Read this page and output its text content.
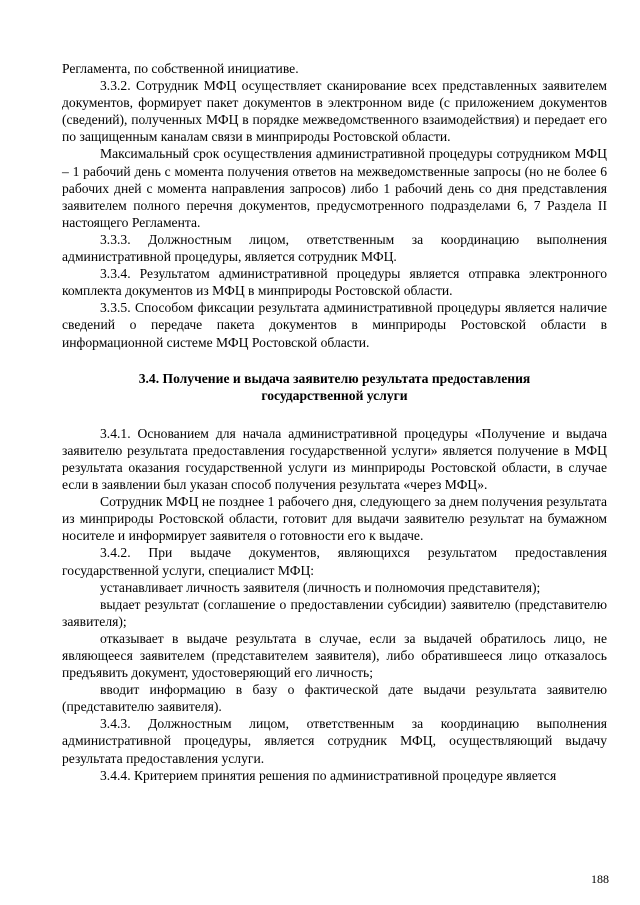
Регламента, по собственной инициативе.

3.3.2. Сотрудник МФЦ осуществляет сканирование всех представленных заявителем документов, формирует пакет документов в электронном виде (с приложением документов (сведений), полученных МФЦ в порядке межведомственного взаимодействия) и передает его по защищенным каналам связи в минприроды Ростовской области.

Максимальный срок осуществления административной процедуры сотрудником МФЦ – 1 рабочий день с момента получения ответов на межведомственные запросы (но не более 6 рабочих дней с момента направления запросов) либо 1 рабочий день со дня представления заявителем полного перечня документов, предусмотренного подразделами 6, 7 Раздела II настоящего Регламента.

3.3.3. Должностным лицом, ответственным за координацию выполнения административной процедуры, является сотрудник МФЦ.

3.3.4. Результатом административной процедуры является отправка электронного комплекта документов из МФЦ в минприроды Ростовской области.

3.3.5. Способом фиксации результата административной процедуры является наличие сведений о передаче пакета документов в минприроды Ростовской области в информационной системе МФЦ Ростовской области.

3.4. Получение и выдача заявителю результата предоставления
государственной услуги

3.4.1. Основанием для начала административной процедуры «Получение и выдача заявителю результата предоставления государственной услуги» является получение в МФЦ результата оказания государственной услуги из минприроды Ростовской области, в случае если в заявлении был указан способ получения результата «через МФЦ».

Сотрудник МФЦ не позднее 1 рабочего дня, следующего за днем получения результата из минприроды Ростовской области, готовит для выдачи заявителю результат на бумажном носителе и информирует заявителя о готовности его к выдаче.

3.4.2. При выдаче документов, являющихся результатом предоставления государственной услуги, специалист МФЦ:

устанавливает личность заявителя (личность и полномочия представителя);

выдает результат (соглашение о предоставлении субсидии) заявителю (представителю заявителя);

отказывает в выдаче результата в случае, если за выдачей обратилось лицо, не являющееся заявителем (представителем заявителя), либо обратившееся лицо отказалось предъявить документ, удостоверяющий его личность;

вводит информацию в базу о фактической дате выдачи результата заявителю (представителю заявителя).

3.4.3. Должностным лицом, ответственным за координацию выполнения административной процедуры, является сотрудник МФЦ, осуществляющий выдачу результата предоставления услуги.

3.4.4. Критерием принятия решения по административной процедуре является

188
